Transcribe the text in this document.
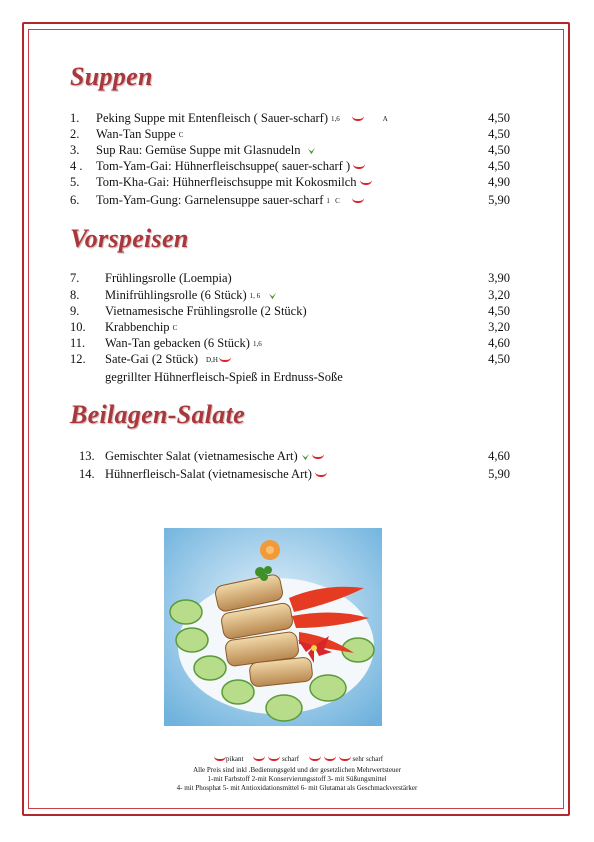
Suppen
1. Peking Suppe mit Entenfleisch ( Sauer-scharf) 1,6	A	4,50
2. Wan-Tan Suppe C	4,50
3. Sup Rau: Gemüse Suppe mit Glasnudeln	4,50
4 . Tom-Yam-Gai: Hühnerfleischsuppe( sauer-scharf )	4,50
5. Tom-Kha-Gai: Hühnerfleischsuppe mit Kokosmilch	4,90
6. Tom-Yam-Gung: Garnelensuppe sauer-scharf 1   C	5,90
Vorspeisen
7. Frühlingsrolle (Loempia)	3,90
8. Minifrühlingsrolle (6 Stück) 1, 6	3,20
9. Vietnamesische Frühlingsrolle (2 Stück)	4,50
10. Krabbenchip C	3,20
11. Wan-Tan gebacken (6 Stück) 1,6	4,60
12. Sate-Gai (2 Stück) D,H	4,50
gegrillter Hühnerfleisch-Spieß in Erdnuss-Soße
Beilagen-Salate
13. Gemischter Salat (vietnamesische Art)	4,60
14. Hühnerfleisch-Salat (vietnamesische Art)	5,90
pikant	scharf	sehr scharf
Alle Preis sind inkl .Bedienungsgeld und der gesetzlichen Mehrwertsteuer
1-mit Farbstoff 2-mit Konservierungsstoff 3- mit Süßungsmittel
4- mit Phosphat 5- mit Antioxidationsmittel 6- mit Glutamat als Geschmackverstärker
